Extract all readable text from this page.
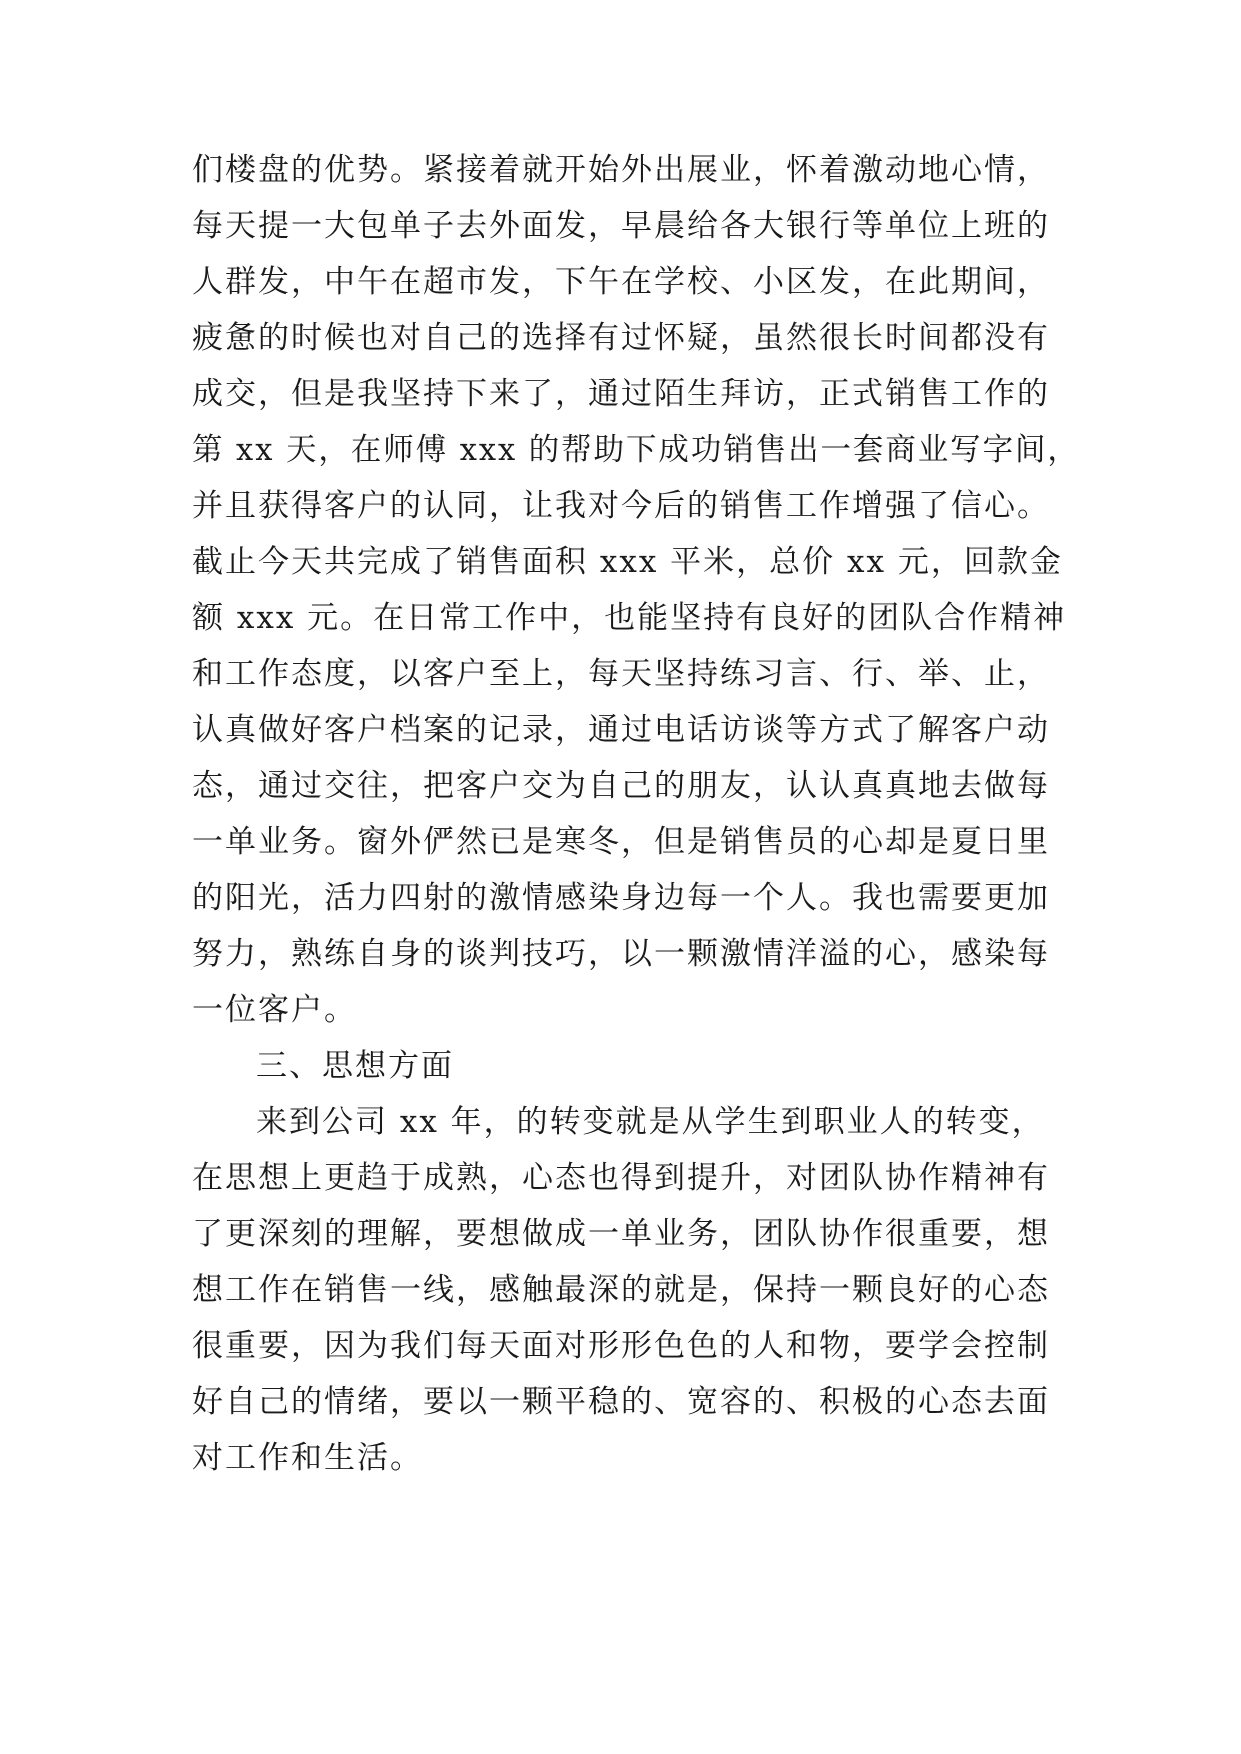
们楼盘的优势。紧接着就开始外出展业，怀着激动地心情，
每天提一大包单子去外面发，早晨给各大银行等单位上班的
人群发，中午在超市发，下午在学校、小区发，在此期间，
疲惫的时候也对自己的选择有过怀疑，虽然很长时间都没有
成交，但是我坚持下来了，通过陌生拜访，正式销售工作的
第 xx 天，在师傅 xxx 的帮助下成功销售出一套商业写字间，
并且获得客户的认同，让我对今后的销售工作增强了信心。
截止今天共完成了销售面积 xxx 平米，总价 xx 元，回款金
额 xxx 元。在日常工作中，也能坚持有良好的团队合作精神
和工作态度，以客户至上，每天坚持练习言、行、举、止，
认真做好客户档案的记录，通过电话访谈等方式了解客户动
态，通过交往，把客户交为自己的朋友，认认真真地去做每
一单业务。窗外俨然已是寒冬，但是销售员的心却是夏日里
的阳光，活力四射的激情感染身边每一个人。我也需要更加
努力，熟练自身的谈判技巧，以一颗激情洋溢的心，感染每
一位客户。
三、思想方面
来到公司 xx 年，的转变就是从学生到职业人的转变，
在思想上更趋于成熟，心态也得到提升，对团队协作精神有
了更深刻的理解，要想做成一单业务，团队协作很重要，想
想工作在销售一线，感触最深的就是，保持一颗良好的心态
很重要，因为我们每天面对形形色色的人和物，要学会控制
好自己的情绪，要以一颗平稳的、宽容的、积极的心态去面
对工作和生活。
